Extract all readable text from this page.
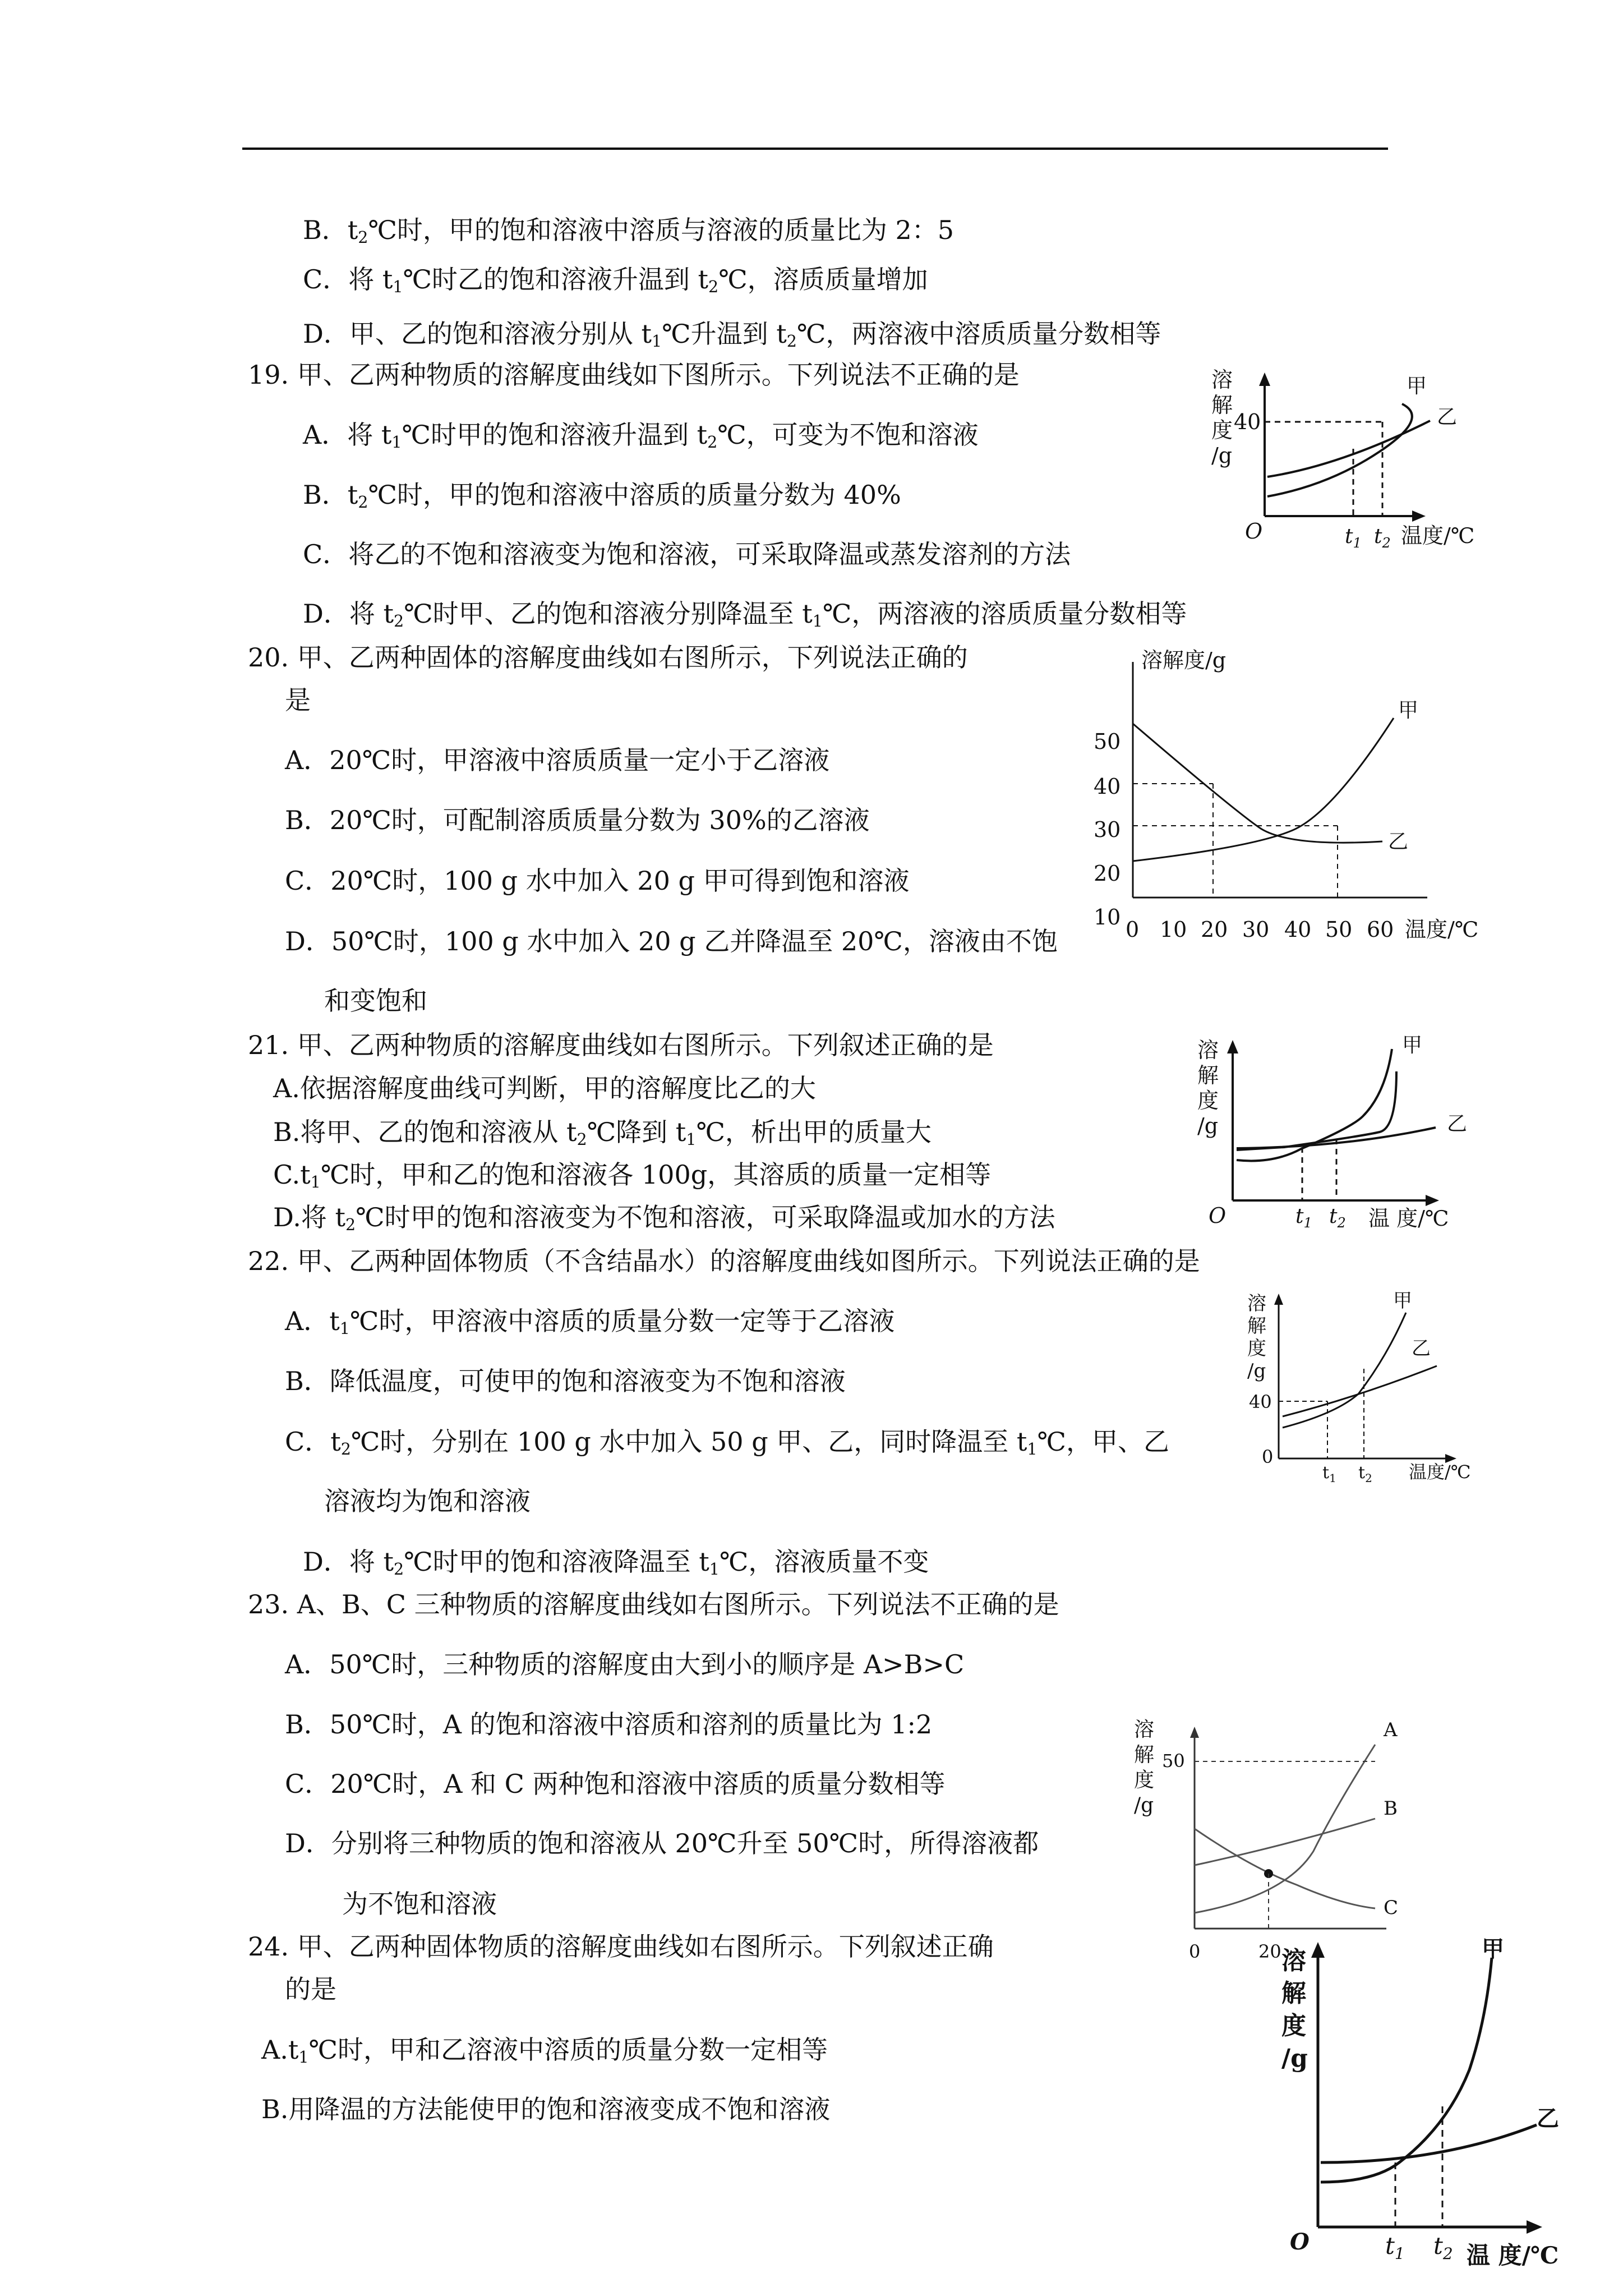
B．$t_2℃$时，甲的饱和溶液中溶质与溶液的质量比为 2：5
C．将 $t_1℃$时乙的饱和溶液升温到 $t_2℃$，溶质质量增加
D．甲、乙的饱和溶液分别从 $t_1℃$升温到 $t_2℃$，两溶液中溶质质量分数相等
19. 甲、乙两种物质的溶解度曲线如下图所示。下列说法不正确的是
A．将 $t_1℃$时甲的饱和溶液升温到 $t_2℃$，可变为不饱和溶液
B．$t_2℃$时，甲的饱和溶液中溶质的质量分数为 40%
C．将乙的不饱和溶液变为饱和溶液，可采取降温或蒸发溶剂的方法
D．将 $t_2℃$时甲、乙的饱和溶液分别降温至 $t_1℃$，两溶液的溶质质量分数相等
溶
解
度
/g
40
O	$t_1$ $t_2$ 温度/℃
甲
乙
20. 甲、乙两种固体的溶解度曲线如右图所示，下列说法正确的
是
A．20℃时，甲溶液中溶质质量一定小于乙溶液
B．20℃时，可配制溶质质量分数为 30%的乙溶液
C．20℃时，100 g 水中加入 20 g 甲可得到饱和溶液
D．50℃时，100 g 水中加入 20 g 乙并降温至 20℃，溶液由不饱
和变饱和
溶解度/g
50
40
30
20
10 0 10 20 30 40 50 60 温度/℃
甲
乙
21. 甲、乙两种物质的溶解度曲线如右图所示。下列叙述正确的是
A.依据溶解度曲线可判断，甲的溶解度比乙的大
B.将甲、乙的饱和溶液从 $t_2℃$降到 $t_1℃$，析出甲的质量大
$C.t_1℃$时，甲和乙的饱和溶液各 100g，其溶质的质量一定相等
D.将 $t_2℃$时甲的饱和溶液变为不饱和溶液，可采取降温或加水的方法
溶
解
度
/g
O	$t_1$ $t_2$ 温 度/℃
甲
乙
22. 甲、乙两种固体物质（不含结晶水）的溶解度曲线如图所示。下列说法正确的是
A．$t_1℃$时，甲溶液中溶质的质量分数一定等于乙溶液
B．降低温度，可使甲的饱和溶液变为不饱和溶液
C．$t_2℃$时，分别在 100 g 水中加入 50 g 甲、乙，同时降温至 $t_1℃$，甲、乙
溶液均为饱和溶液
D．将 $t_2℃$时甲的饱和溶液降温至 $t_1℃$，溶液质量不变
溶
解
度
/g
40
0
$t_1$ $t_2$ 温度/℃
甲
乙
23. A、B、C 三种物质的溶解度曲线如右图所示。下列说法不正确的是
A．50℃时，三种物质的溶解度由大到小的顺序是 A>B>C
B．50℃时，A 的饱和溶液中溶质和溶剂的质量比为 1:2
C．20℃时，A 和 C 两种饱和溶液中溶质的质量分数相等
D．分别将三种物质的饱和溶液从 20℃升至 50℃时，所得溶液都
为不饱和溶液
溶
解
度
/g
50
0	20
A
B
C
24. 甲、乙两种固体物质的溶解度曲线如右图所示。下列叙述正确
的是
$A.t_1℃$时，甲和乙溶液中溶质的质量分数一定相等
B.用降温的方法能使甲的饱和溶液变成不饱和溶液
溶
解
度
/g
O	$t_1$ $t_2$ 温 度/℃
甲
乙
